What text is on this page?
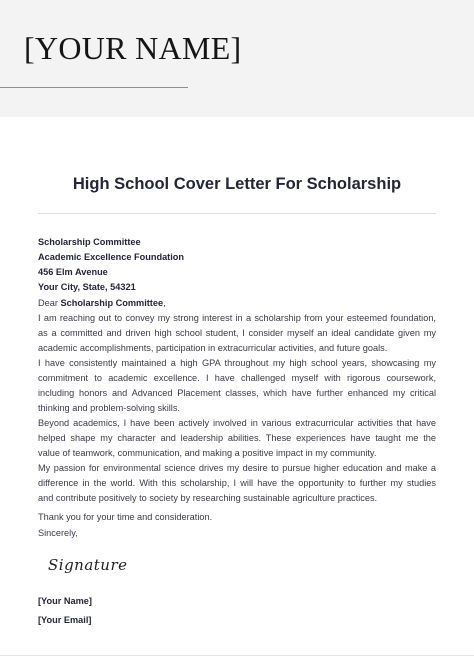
[YOUR NAME]
High School Cover Letter For Scholarship
Scholarship Committee
Academic Excellence Foundation
456 Elm Avenue
Your City, State, 54321
Dear Scholarship Committee,
I am reaching out to convey my strong interest in a scholarship from your esteemed foundation,
as a committed and driven high school student, I consider myself an ideal candidate given my
academic accomplishments, participation in extracurricular activities, and future goals.
I have consistently maintained a high GPA throughout my high school years, showcasing my
commitment to academic excellence. I have challenged myself with rigorous coursework,
including honors and Advanced Placement classes, which have further enhanced my critical
thinking and problem-solving skills.
Beyond academics, I have been actively involved in various extracurricular activities that have
helped shape my character and leadership abilities. These experiences have taught me the
value of teamwork, communication, and making a positive impact in my community.
My passion for environmental science drives my desire to pursue higher education and make a
difference in the world. With this scholarship, I will have the opportunity to further my studies
and contribute positively to society by researching sustainable agriculture practices.
Thank you for your time and consideration.
Sincerely,
Signature
[Your Name]
[Your Email]
